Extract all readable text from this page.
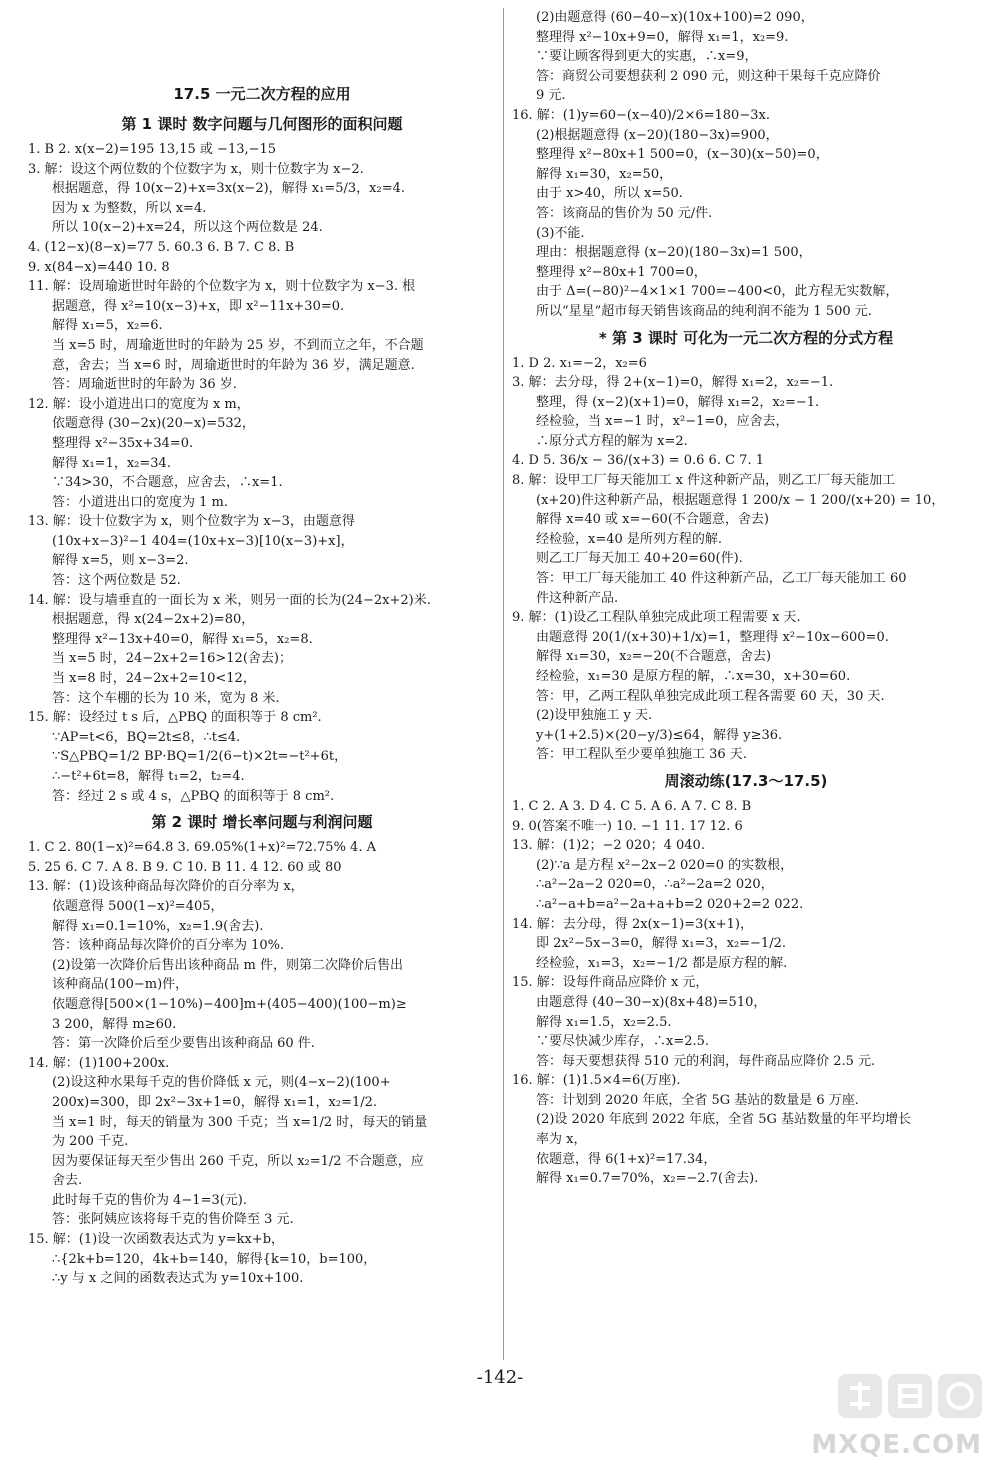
17.5 一元二次方程的应用
第 1 课时 数字问题与几何图形的面积问题
1. B 2. x(x−2)=195 13,15 或 −13,−15
3. 解：设这个两位数的个位数字为 x，则十位数字为 x−2.
根据题意，得 10(x−2)+x=3x(x−2)，解得 x₁=5/3，x₂=4.
因为 x 为整数，所以 x=4.
所以 10(x−2)+x=24，所以这个两位数是 24.
4. (12−x)(8−x)=77 5. 60.3 6. B 7. C 8. B
9. x(84−x)=440 10. 8
11. 解：设周瑜逝世时年龄的个位数字为 x，则十位数字为 x−3. 根
据题意，得 x²=10(x−3)+x，即 x²−11x+30=0.
解得 x₁=5，x₂=6.
当 x=5 时，周瑜逝世时的年龄为 25 岁，不到而立之年，不合题
意，舍去；当 x=6 时，周瑜逝世时的年龄为 36 岁，满足题意.
答：周瑜逝世时的年龄为 36 岁.
12. 解：设小道进出口的宽度为 x m，
依题意得 (30−2x)(20−x)=532，
整理得 x²−35x+34=0.
解得 x₁=1，x₂=34.
∵34>30，不合题意，应舍去，∴x=1.
答：小道进出口的宽度为 1 m.
13. 解：设十位数字为 x，则个位数字为 x−3，由题意得
(10x+x−3)²−1 404=(10x+x−3)[10(x−3)+x]，
解得 x=5，则 x−3=2.
答：这个两位数是 52.
14. 解：设与墙垂直的一面长为 x 米，则另一面的长为(24−2x+2)米.
根据题意，得 x(24−2x+2)=80，
整理得 x²−13x+40=0，解得 x₁=5，x₂=8.
当 x=5 时，24−2x+2=16>12(舍去)；
当 x=8 时，24−2x+2=10<12，
答：这个车棚的长为 10 米，宽为 8 米.
15. 解：设经过 t s 后，△PBQ 的面积等于 8 cm².
∵AP=t<6，BQ=2t≤8，∴t≤4.
∵S△PBQ=1/2 BP·BQ=1/2(6−t)×2t=−t²+6t，
∴−t²+6t=8，解得 t₁=2，t₂=4.
答：经过 2 s 或 4 s，△PBQ 的面积等于 8 cm².
第 2 课时 增长率问题与利润问题
1. C 2. 80(1−x)²=64.8 3. 69.05%(1+x)²=72.75% 4. A
5. 25 6. C 7. A 8. B 9. C 10. B 11. 4 12. 60 或 80
13. 解：(1)设该种商品每次降价的百分率为 x，
依题意得 500(1−x)²=405，
解得 x₁=0.1=10%，x₂=1.9(舍去).
答：该种商品每次降价的百分率为 10%.
(2)设第一次降价后售出该种商品 m 件，则第二次降价后售出
该种商品(100−m)件，
依题意得[500×(1−10%)−400]m+(405−400)(100−m)≥
3 200，解得 m≥60.
答：第一次降价后至少要售出该种商品 60 件.
14. 解：(1)100+200x.
(2)设这种水果每千克的售价降低 x 元，则(4−x−2)(100+
200x)=300，即 2x²−3x+1=0，解得 x₁=1，x₂=1/2.
当 x=1 时，每天的销量为 300 千克；当 x=1/2 时，每天的销量
为 200 千克.
因为要保证每天至少售出 260 千克，所以 x₂=1/2 不合题意，应
舍去.
此时每千克的售价为 4−1=3(元).
答：张阿姨应该将每千克的售价降至 3 元.
15. 解：(1)设一次函数表达式为 y=kx+b，
∴{2k+b=120，4k+b=140，解得{k=10，b=100，
∴y 与 x 之间的函数表达式为 y=10x+100.
(2)由题意得 (60−40−x)(10x+100)=2 090，
整理得 x²−10x+9=0，解得 x₁=1，x₂=9.
∵要让顾客得到更大的实惠，∴x=9，
答：商贸公司要想获利 2 090 元，则这种干果每千克应降价
9 元.
16. 解：(1)y=60−(x−40)/2×6=180−3x.
(2)根据题意得 (x−20)(180−3x)=900，
整理得 x²−80x+1 500=0，(x−30)(x−50)=0，
解得 x₁=30，x₂=50，
由于 x>40，所以 x=50.
答：该商品的售价为 50 元/件.
(3)不能.
理由：根据题意得 (x−20)(180−3x)=1 500，
整理得 x²−80x+1 700=0，
由于 Δ=(−80)²−4×1×1 700=−400<0，此方程无实数解，
所以“星星”超市每天销售该商品的纯利润不能为 1 500 元.
* 第 3 课时 可化为一元二次方程的分式方程
1. D 2. x₁=−2，x₂=6
3. 解：去分母，得 2+(x−1)=0，解得 x₁=2，x₂=−1.
整理，得 (x−2)(x+1)=0，解得 x₁=2，x₂=−1.
经检验，当 x=−1 时，x²−1=0，应舍去，
∴原分式方程的解为 x=2.
4. D 5. 36/x − 36/(x+3) = 0.6 6. C 7. 1
8. 解：设甲工厂每天能加工 x 件这种新产品，则乙工厂每天能加工
(x+20)件这种新产品，根据题意得 1 200/x − 1 200/(x+20) = 10，
解得 x=40 或 x=−60(不合题意，舍去)
经检验，x=40 是所列方程的解.
则乙工厂每天加工 40+20=60(件).
答：甲工厂每天能加工 40 件这种新产品，乙工厂每天能加工 60
件这种新产品.
9. 解：(1)设乙工程队单独完成此项工程需要 x 天.
由题意得 20(1/(x+30)+1/x)=1，整理得 x²−10x−600=0.
解得 x₁=30，x₂=−20(不合题意，舍去)
经检验，x₁=30 是原方程的解，∴x=30，x+30=60.
答：甲，乙两工程队单独完成此项工程各需要 60 天，30 天.
(2)设甲独施工 y 天.
y+(1+2.5)×(20−y/3)≤64，解得 y≥36.
答：甲工程队至少要单独施工 36 天.
周滚动练(17.3～17.5)
1. C 2. A 3. D 4. C 5. A 6. A 7. C 8. B
9. 0(答案不唯一) 10. −1 11. 17 12. 6
13. 解：(1)2；−2 020；4 040.
(2)∵a 是方程 x²−2x−2 020=0 的实数根，
∴a²−2a−2 020=0，∴a²−2a=2 020，
∴a²−a+b=a²−2a+a+b=2 020+2=2 022.
14. 解：去分母，得 2x(x−1)=3(x+1)，
即 2x²−5x−3=0，解得 x₁=3，x₂=−1/2.
经检验，x₁=3，x₂=−1/2 都是原方程的解.
15. 解：设每件商品应降价 x 元，
由题意得 (40−30−x)(8x+48)=510，
解得 x₁=1.5，x₂=2.5.
∵要尽快减少库存，∴x=2.5.
答：每天要想获得 510 元的利润，每件商品应降价 2.5 元.
16. 解：(1)1.5×4=6(万座).
答：计划到 2020 年底，全省 5G 基站的数量是 6 万座.
(2)设 2020 年底到 2022 年底，全省 5G 基站数量的年平均增长
率为 x，
依题意，得 6(1+x)²=17.34，
解得 x₁=0.7=70%，x₂=−2.7(舍去).
-142-
MXQE.COM
